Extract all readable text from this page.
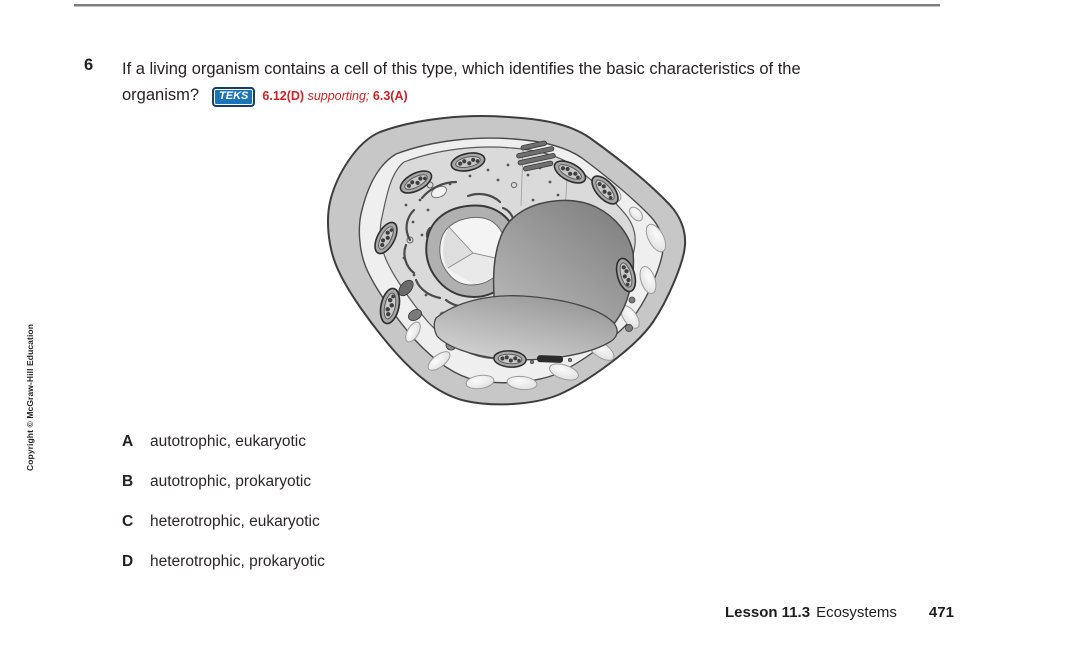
Copyright © McGraw-Hill Education
6 If a living organism contains a cell of this type, which identifies the basic characteristics of the
organism? TEKS 6.12(D) supporting; 6.3(A)
A	autotrophic, eukaryotic
B	autotrophic, prokaryotic
C	heterotrophic, eukaryotic
D	heterotrophic, prokaryotic
Lesson 11.3 Ecosystems 471
